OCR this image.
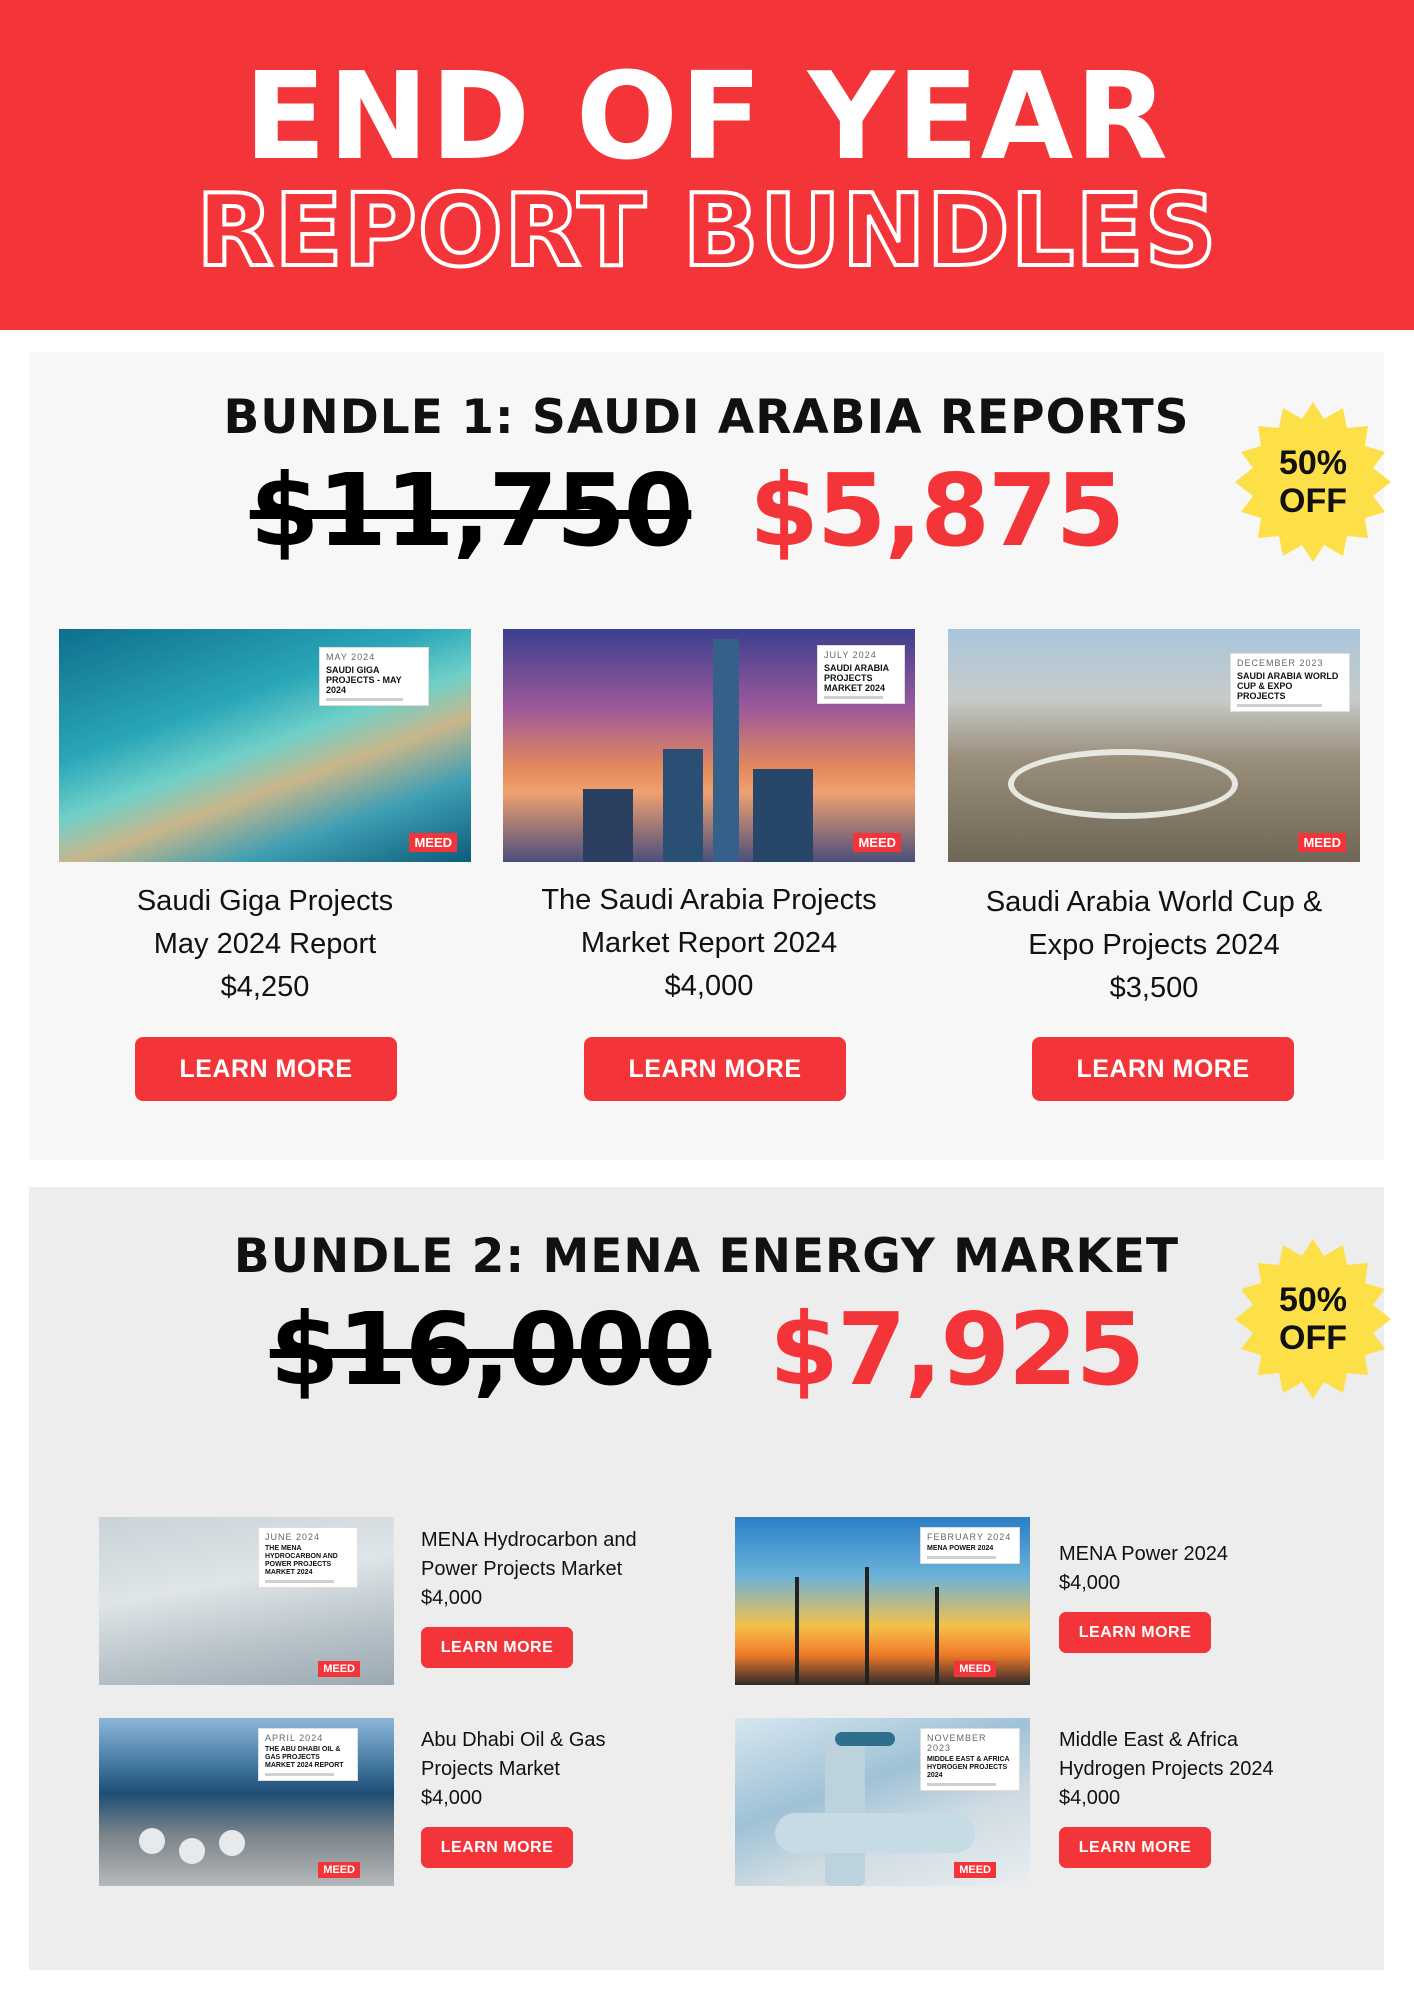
END OF YEAR
REPORT BUNDLES
BUNDLE 1: SAUDI ARABIA REPORTS
$11,750 $5,875	50%
OFF
MAY 2024
SAUDI GIGA PROJECTS - MAY 2024
MEED
Saudi Giga Projects
May 2024 Report
$4,250
LEARN MORE
JULY 2024
SAUDI ARABIA PROJECTS MARKET 2024
MEED
The Saudi Arabia Projects
Market Report 2024
$4,000
LEARN MORE
DECEMBER 2023
SAUDI ARABIA WORLD CUP & EXPO PROJECTS
MEED
Saudi Arabia World Cup &
Expo Projects 2024
$3,500
LEARN MORE
BUNDLE 2: MENA ENERGY MARKET
$16,000 $7,925	50%
OFF
JUNE 2024
THE MENA HYDROCARBON AND POWER PROJECTS MARKET 2024
MEED
MENA Hydrocarbon and
Power Projects Market
$4,000
LEARN MORE
FEBRUARY 2024
MENA POWER 2024
MEED
MENA Power 2024
$4,000
LEARN MORE
APRIL 2024
THE ABU DHABI OIL & GAS PROJECTS MARKET 2024 REPORT
MEED
Abu Dhabi Oil & Gas
Projects Market
$4,000
LEARN MORE
NOVEMBER 2023
MIDDLE EAST & AFRICA HYDROGEN PROJECTS 2024
MEED
Middle East & Africa
Hydrogen Projects 2024
$4,000
LEARN MORE
